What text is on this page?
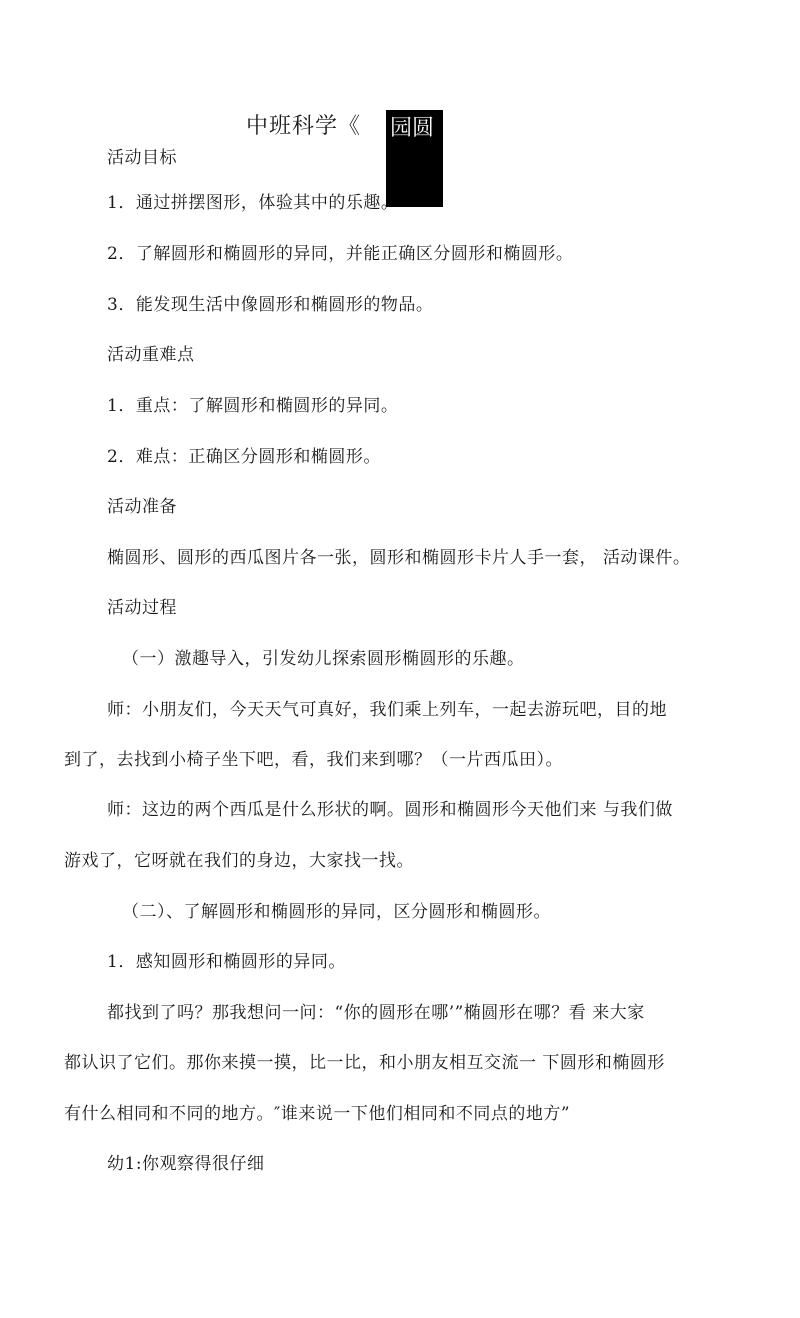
中班科学《 园圆
活动目标
1．通过拼摆图形，体验其中的乐趣。
2．了解圆形和椭圆形的异同，并能正确区分圆形和椭圆形。
3．能发现生活中像圆形和椭圆形的物品。
活动重难点
1．重点：了解圆形和椭圆形的异同。
2．难点：正确区分圆形和椭圆形。
活动准备
椭圆形、圆形的西瓜图片各一张，圆形和椭圆形卡片人手一套， 活动课件。
活动过程
（一）激趣导入，引发幼儿探索圆形椭圆形的乐趣。
师：小朋友们，今天天气可真好，我们乘上列车，一起去游玩吧，目的地
到了，去找到小椅子坐下吧，看，我们来到哪？（一片西瓜田）。
师：这边的两个西瓜是什么形状的啊。圆形和椭圆形今天他们来 与我们做
游戏了，它呀就在我们的身边，大家找一找。
（二）、了解圆形和椭圆形的异同，区分圆形和椭圆形。
1．感知圆形和椭圆形的异同。
都找到了吗？那我想问一问：“你的圆形在哪’”椭圆形在哪？看 来大家
都认识了它们。那你来摸一摸，比一比，和小朋友相互交流一 下圆形和椭圆形
有什么相同和不同的地方。″谁来说一下他们相同和不同点的地方”
幼1:你观察得很仔细
